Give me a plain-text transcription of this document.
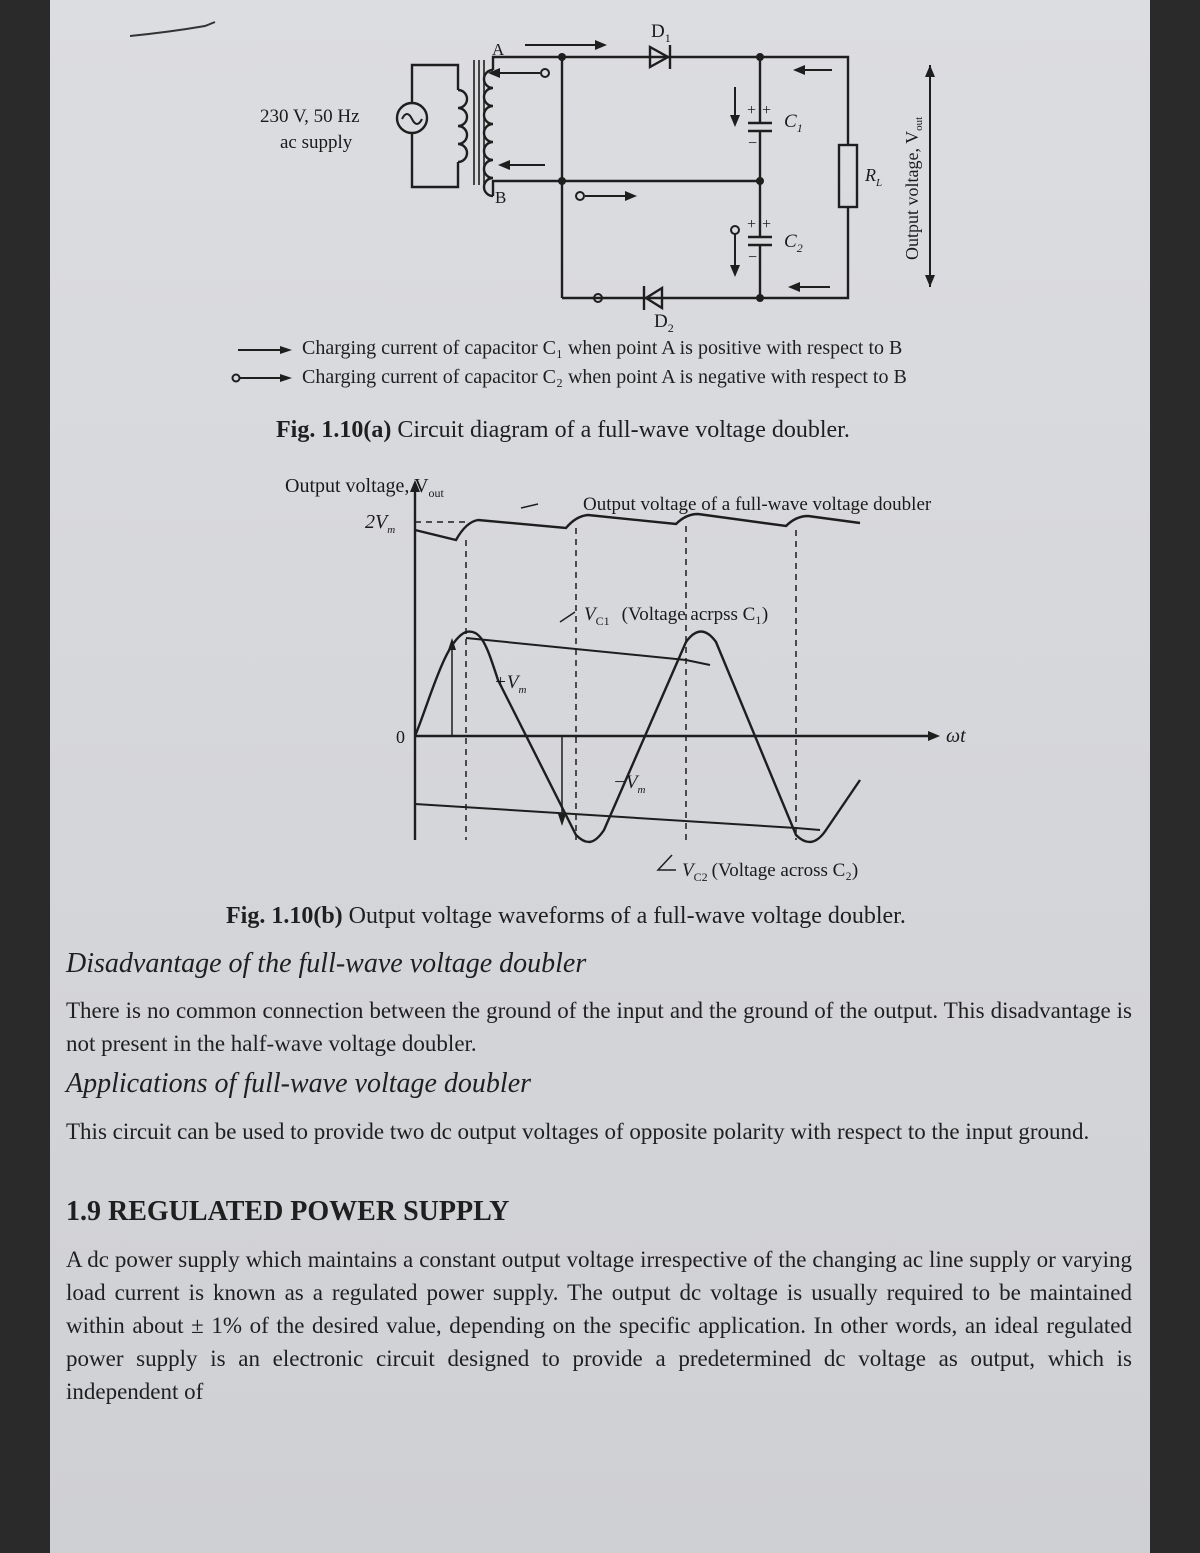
230 V, 50 Hz
ac supply
A
B
$D_1$
$D_2$
$C_1$
$C_2$
$R_L$
+ +
−
+ +
−	Output voltage, $V_{out}$
Charging current of capacitor C₁ when point A is positive with respect to B
Charging current of capacitor C₂ when point A is negative with respect to B
Fig. 1.10(a) Circuit diagram of a full-wave voltage doubler.
Output voltage, $V_{out}$
$2V_m$
0
$+V_m$
$-V_m$
Output voltage of a full-wave voltage doubler
$V_{C1}$ (Voltage acrpss C₁)
$V_{C2}$ (Voltage across C₂)
ωt
Fig. 1.10(b) Output voltage waveforms of a full-wave voltage doubler.
Disadvantage of the full-wave voltage doubler

There is no common connection between the ground of the input and the ground of the output. This disadvantage is not present in the half-wave voltage doubler.

Applications of full-wave voltage doubler

This circuit can be used to provide two dc output voltages of opposite polarity with respect to the input ground.

1.9 REGULATED POWER SUPPLY

A dc power supply which maintains a constant output voltage irrespective of the changing ac line supply or varying load current is known as a regulated power supply. The output dc voltage is usually required to be maintained within about ± 1% of the desired value, depending on the specific application. In other words, an ideal regulated power supply is an electronic circuit designed to provide a predetermined dc voltage as output, which is independent of
